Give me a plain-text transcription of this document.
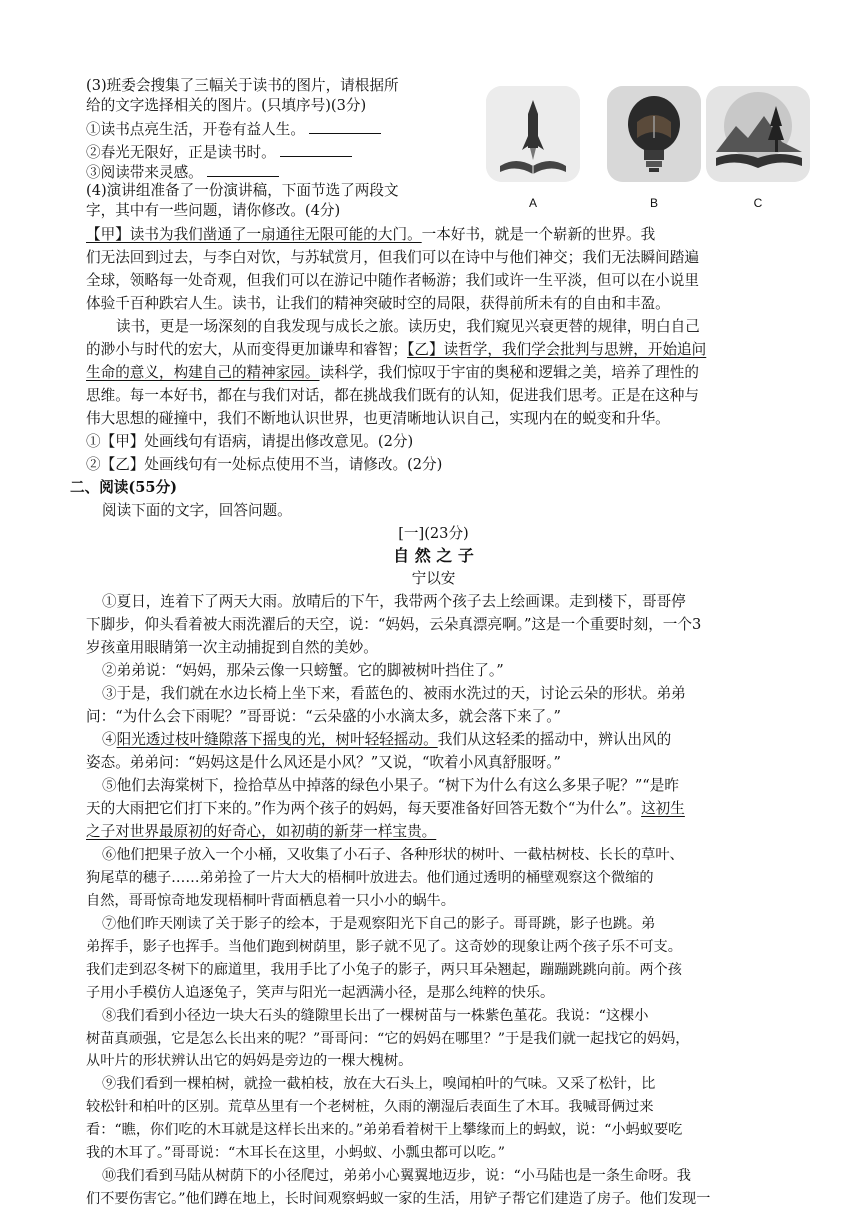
(3)班委会搜集了三幅关于读书的图片，请根据所
给的文字选择相关的图片。(只填序号)(3分)
①读书点亮生活，开卷有益人生。
②春光无限好，正是读书时。
③阅读带来灵感。
(4)演讲组准备了一份演讲稿，下面节选了两段文
字，其中有一些问题，请你修改。(4分)	A	B	C
【甲】读书为我们凿通了一扇通往无限可能的大门。一本好书，就是一个崭新的世界。我
们无法回到过去，与李白对饮，与苏轼赏月，但我们可以在诗中与他们神交；我们无法瞬间踏遍
全球，领略每一处奇观，但我们可以在游记中随作者畅游；我们或许一生平淡，但可以在小说里
体验千百种跌宕人生。读书，让我们的精神突破时空的局限，获得前所未有的自由和丰盈。
读书，更是一场深刻的自我发现与成长之旅。读历史，我们窥见兴衰更替的规律，明白自己
的渺小与时代的宏大，从而变得更加谦卑和睿智；【乙】读哲学，我们学会批判与思辨，开始追问
生命的意义，构建自己的精神家园。读科学，我们惊叹于宇宙的奥秘和逻辑之美，培养了理性的
思维。每一本好书，都在与我们对话，都在挑战我们既有的认知，促进我们思考。正是在这种与
伟大思想的碰撞中，我们不断地认识世界，也更清晰地认识自己，实现内在的蜕变和升华。
①【甲】处画线句有语病，请提出修改意见。(2分)
②【乙】处画线句有一处标点使用不当，请修改。(2分)
二、阅读(55分)
阅读下面的文字，回答问题。
[一](23分)
自 然 之 子
宁以安
①夏日，连着下了两天大雨。放晴后的下午，我带两个孩子去上绘画课。走到楼下，哥哥停
下脚步，仰头看着被大雨洗濯后的天空，说：“妈妈，云朵真漂亮啊。”这是一个重要时刻，一个3
岁孩童用眼睛第一次主动捕捉到自然的美妙。
②弟弟说：“妈妈，那朵云像一只螃蟹。它的脚被树叶挡住了。”
③于是，我们就在水边长椅上坐下来，看蓝色的、被雨水洗过的天，讨论云朵的形状。弟弟
问：“为什么会下雨呢？”哥哥说：“云朵盛的小水滴太多，就会落下来了。”
④阳光透过枝叶缝隙落下摇曳的光，树叶轻轻摇动。我们从这轻柔的摇动中，辨认出风的
姿态。弟弟问：“妈妈这是什么风还是小风？”又说，“吹着小风真舒服呀。”
⑤他们去海棠树下，捡拾草丛中掉落的绿色小果子。“树下为什么有这么多果子呢？”“是昨
天的大雨把它们打下来的。”作为两个孩子的妈妈，每天要准备好回答无数个“为什么”。这初生
之子对世界最原初的好奇心，如初萌的新芽一样宝贵。
⑥他们把果子放入一个小桶，又收集了小石子、各种形状的树叶、一截枯树枝、长长的草叶、
狗尾草的穗子……弟弟捡了一片大大的梧桐叶放进去。他们通过透明的桶壁观察这个微缩的
自然，哥哥惊奇地发现梧桐叶背面栖息着一只小小的蜗牛。
⑦他们昨天刚读了关于影子的绘本，于是观察阳光下自己的影子。哥哥跳，影子也跳。弟
弟挥手，影子也挥手。当他们跑到树荫里，影子就不见了。这奇妙的现象让两个孩子乐不可支。
我们走到忍冬树下的廊道里，我用手比了小兔子的影子，两只耳朵翘起，蹦蹦跳跳向前。两个孩
子用小手模仿人追逐兔子，笑声与阳光一起洒满小径，是那么纯粹的快乐。
⑧我们看到小径边一块大石头的缝隙里长出了一棵树苗与一株紫色堇花。我说：“这棵小
树苗真顽强，它是怎么长出来的呢？”哥哥问：“它的妈妈在哪里？”于是我们就一起找它的妈妈，
从叶片的形状辨认出它的妈妈是旁边的一棵大槐树。
⑨我们看到一棵柏树，就捡一截柏枝，放在大石头上，嗅闻柏叶的气味。又采了松针，比
较松针和柏叶的区别。荒草丛里有一个老树桩，久雨的潮湿后表面生了木耳。我喊哥俩过来
看：“瞧，你们吃的木耳就是这样长出来的。”弟弟看着树干上攀缘而上的蚂蚁，说：“小蚂蚁要吃
我的木耳了。”哥哥说：“木耳长在这里，小蚂蚁、小瓢虫都可以吃。”
⑩我们看到马陆从树荫下的小径爬过，弟弟小心翼翼地迈步，说：“小马陆也是一条生命呀。我
们不要伤害它。”他们蹲在地上，长时间观察蚂蚁一家的生活，用铲子帮它们建造了房子。他们发现一
